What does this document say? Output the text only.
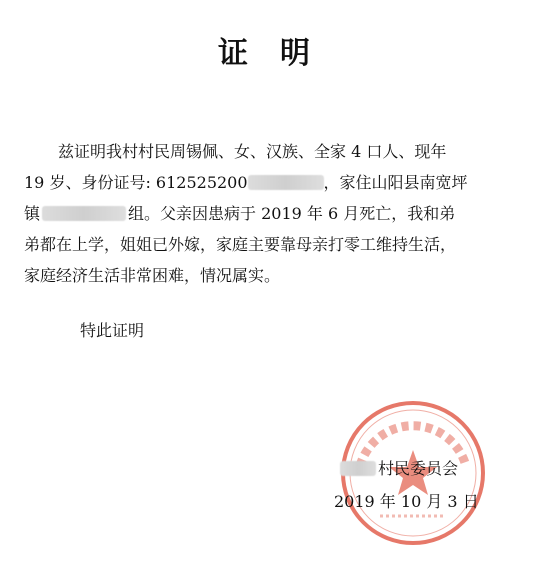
证 明
兹证明我村村民周锡佩、女、汉族、全家 4 口人、现年
19 岁、身份证号: 612525200	，家住山阳县南宽坪
镇	组。父亲因患病于 2019 年 6 月死亡，我和弟
弟都在上学，姐姐已外嫁，家庭主要靠母亲打零工维持生活，
家庭经济生活非常困难，情况属实。
特此证明
村民委员会
2019 年 10 月 3 日
